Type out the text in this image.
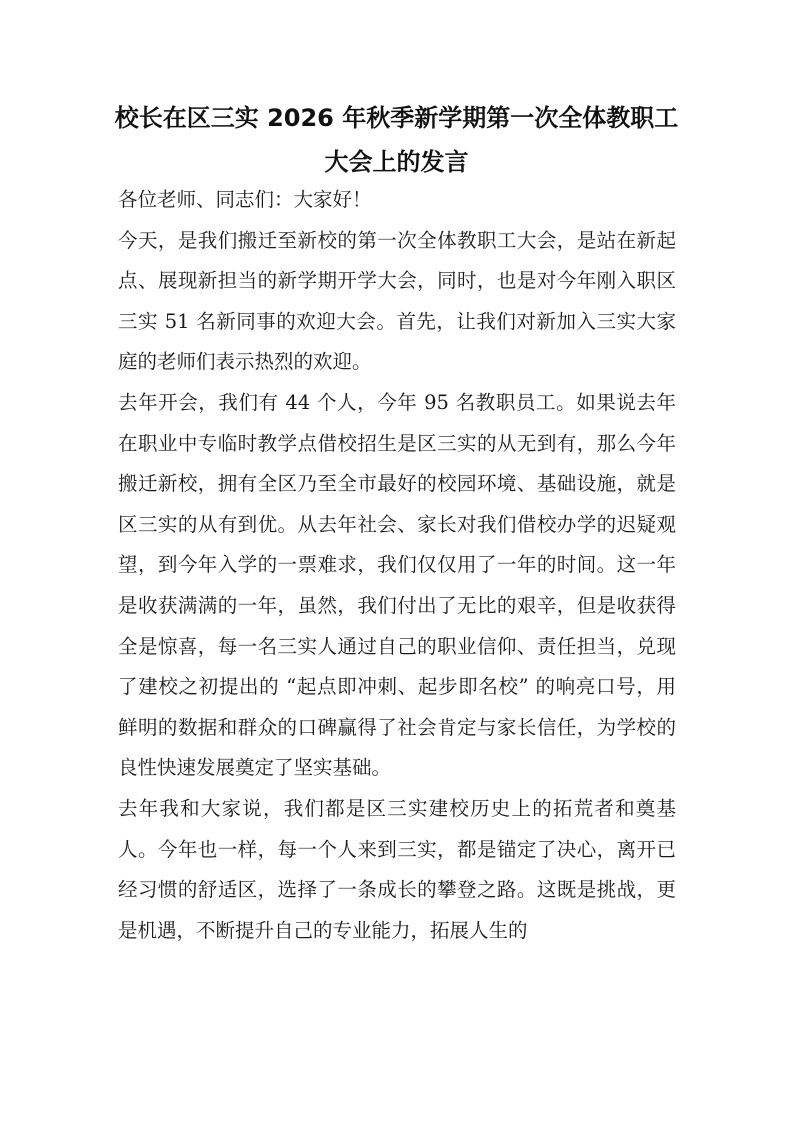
校长在区三实 2026 年秋季新学期第一次全体教职工大会上的发言

各位老师、同志们：大家好！

今天，是我们搬迁至新校的第一次全体教职工大会，是站在新起点、展现新担当的新学期开学大会，同时，也是对今年刚入职区三实 51 名新同事的欢迎大会。首先，让我们对新加入三实大家庭的老师们表示热烈的欢迎。

去年开会，我们有 44 个人，今年 95 名教职员工。如果说去年在职业中专临时教学点借校招生是区三实的从无到有，那么今年搬迁新校，拥有全区乃至全市最好的校园环境、基础设施，就是区三实的从有到优。从去年社会、家长对我们借校办学的迟疑观望，到今年入学的一票难求，我们仅仅用了一年的时间。这一年是收获满满的一年，虽然，我们付出了无比的艰辛，但是收获得全是惊喜，每一名三实人通过自己的职业信仰、责任担当，兑现了建校之初提出的 “起点即冲刺、起步即名校” 的响亮口号，用鲜明的数据和群众的口碑赢得了社会肯定与家长信任，为学校的良性快速发展奠定了坚实基础。

去年我和大家说，我们都是区三实建校历史上的拓荒者和奠基人。今年也一样，每一个人来到三实，都是锚定了决心，离开已经习惯的舒适区，选择了一条成长的攀登之路。这既是挑战，更是机遇，不断提升自己的专业能力，拓展人生的
